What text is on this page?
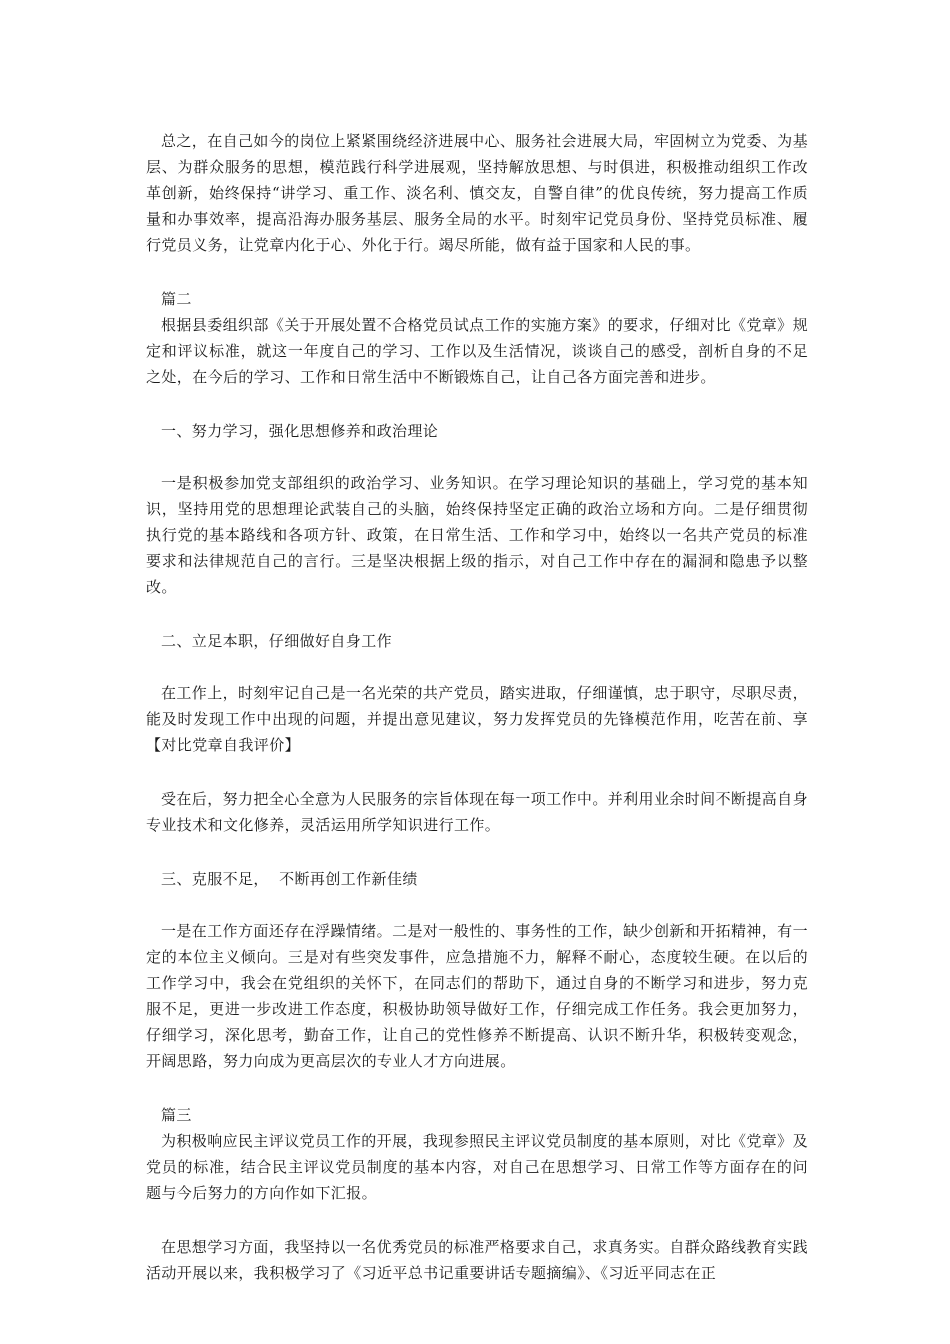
总之，在自己如今的岗位上紧紧围绕经济进展中心、服务社会进展大局，牢固树立为党委、为基层、为群众服务的思想，模范践行科学进展观，坚持解放思想、与时俱进，积极推动组织工作改革创新，始终保持“讲学习、重工作、淡名利、慎交友，自警自律”的优良传统，努力提高工作质量和办事效率，提高沿海办服务基层、服务全局的水平。时刻牢记党员身份、坚持党员标准、履行党员义务，让党章内化于心、外化于行。竭尽所能，做有益于国家和人民的事。

篇二

根据县委组织部《关于开展处置不合格党员试点工作的实施方案》的要求，仔细对比《党章》规定和评议标准，就这一年度自己的学习、工作以及生活情况，谈谈自己的感受，剖析自身的不足之处，在今后的学习、工作和日常生活中不断锻炼自己，让自己各方面完善和进步。

一、努力学习，强化思想修养和政治理论

一是积极参加党支部组织的政治学习、业务知识。在学习理论知识的基础上，学习党的基本知识，坚持用党的思想理论武装自己的头脑，始终保持坚定正确的政治立场和方向。二是仔细贯彻执行党的基本路线和各项方针、政策，在日常生活、工作和学习中，始终以一名共产党员的标准要求和法律规范自己的言行。三是坚决根据上级的指示，对自己工作中存在的漏洞和隐患予以整改。

二、立足本职，仔细做好自身工作

在工作上，时刻牢记自己是一名光荣的共产党员，踏实进取，仔细谨慎，忠于职守，尽职尽责，能及时发现工作中出现的问题，并提出意见建议，努力发挥党员的先锋模范作用，吃苦在前、享【对比党章自我评价】

受在后，努力把全心全意为人民服务的宗旨体现在每一项工作中。并利用业余时间不断提高自身专业技术和文化修养，灵活运用所学知识进行工作。

三、克服不足，  不断再创工作新佳绩

一是在工作方面还存在浮躁情绪。二是对一般性的、事务性的工作，缺少创新和开拓精神，有一定的本位主义倾向。三是对有些突发事件，应急措施不力，解释不耐心，态度较生硬。在以后的工作学习中，我会在党组织的关怀下，在同志们的帮助下，通过自身的不断学习和进步，努力克服不足，更进一步改进工作态度，积极协助领导做好工作，仔细完成工作任务。我会更加努力，仔细学习，深化思考，勤奋工作，让自己的党性修养不断提高、认识不断升华，积极转变观念，开阔思路，努力向成为更高层次的专业人才方向进展。

篇三

为积极响应民主评议党员工作的开展，我现参照民主评议党员制度的基本原则，对比《党章》及党员的标准，结合民主评议党员制度的基本内容，对自己在思想学习、日常工作等方面存在的问题与今后努力的方向作如下汇报。

在思想学习方面，我坚持以一名优秀党员的标准严格要求自己，求真务实。自群众路线教育实践活动开展以来，我积极学习了《习近平总书记重要讲话专题摘编》、《习近平同志在正
